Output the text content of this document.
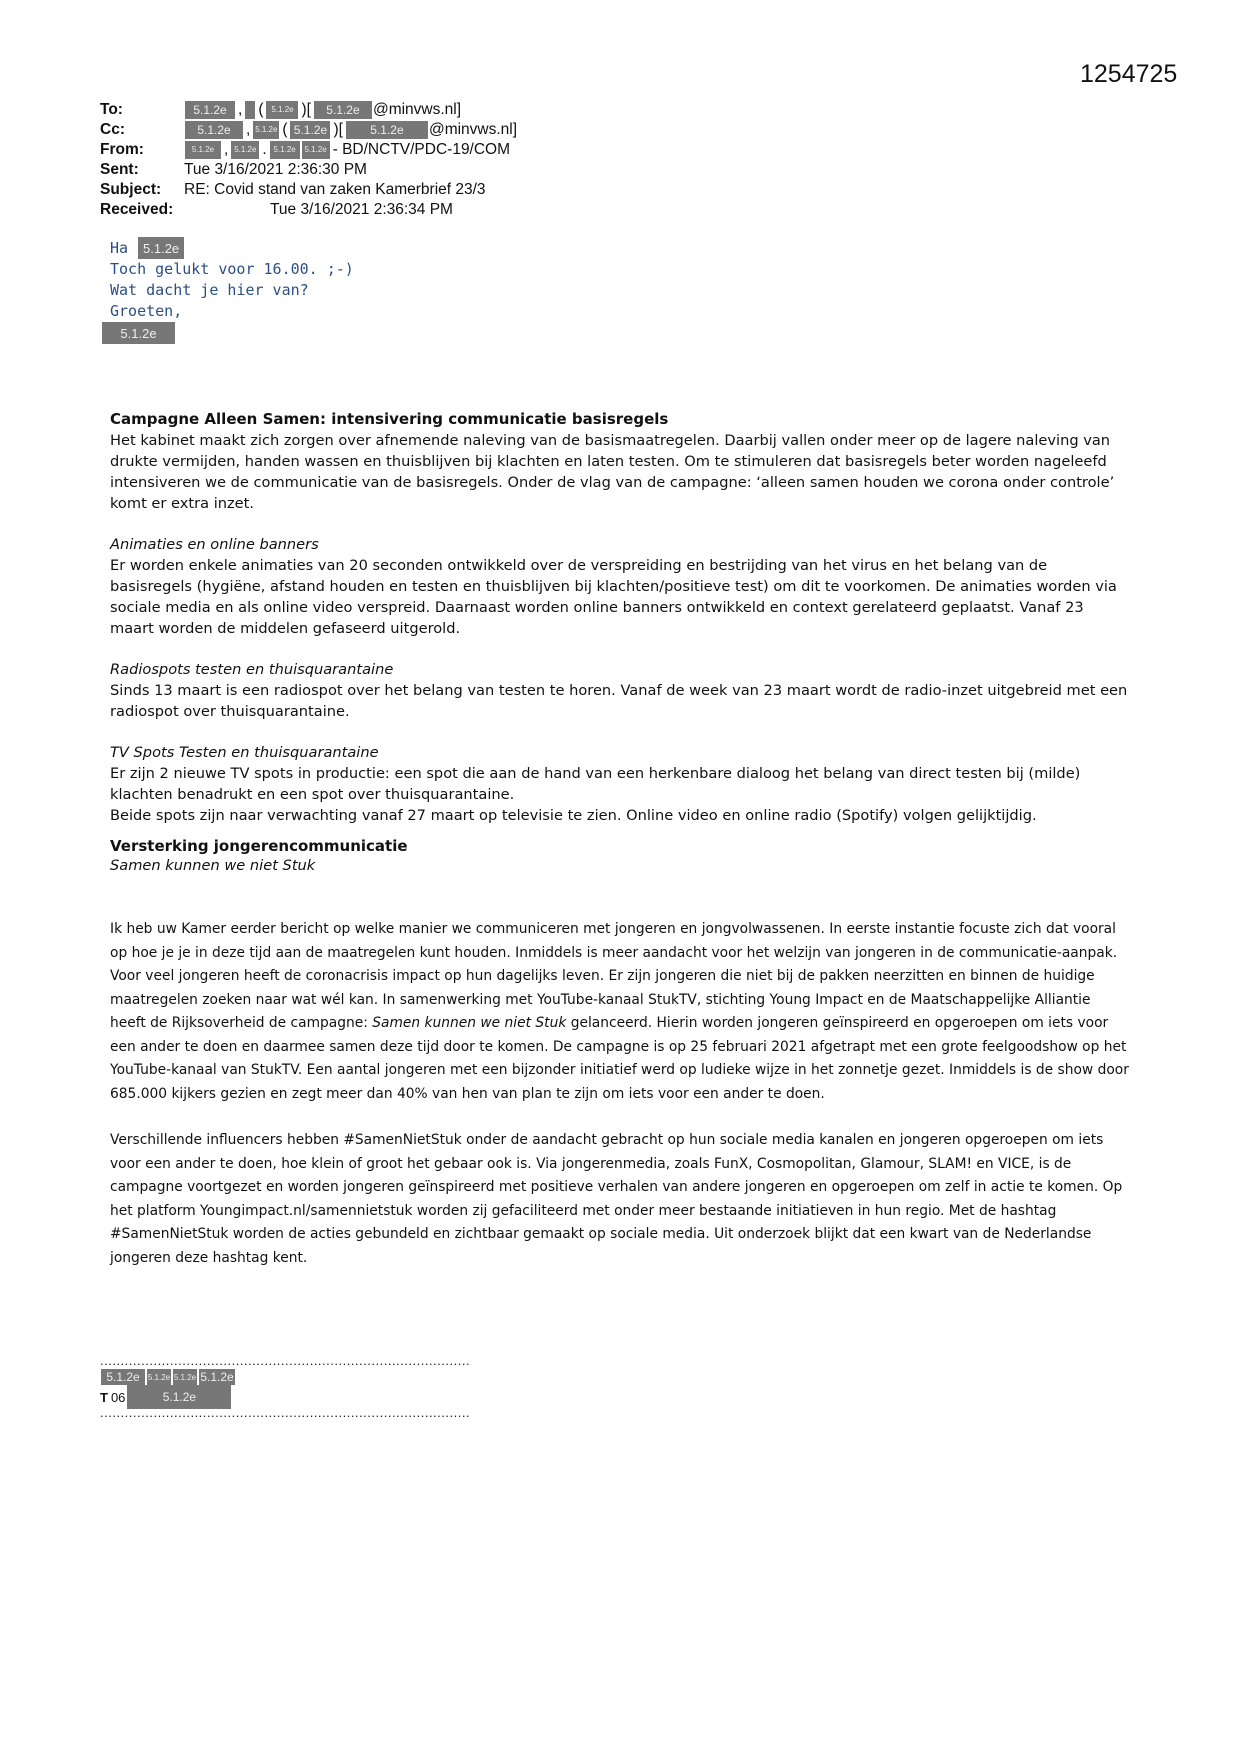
1254725
To:	5.1.2e , ( 5.1.2e )[	5.1.2e @minvws.nl]
Cc:	5.1.2e , 5.1.2e ( 5.1.2e )[	5.1.2e	@minvws.nl]
From:	5.1.2e , 5.1.2e . 5.1.2e	5.1.2e - BD/NCTV/PDC-19/COM
Sent:	Tue 3/16/2021 2:36:30 PM
Subject:	RE: Covid stand van zaken Kamerbrief 23/3
Received:	Tue 3/16/2021 2:36:34 PM
Ha
	5.1.2e
Toch gelukt voor 16.00. ;-)
Wat dacht je hier van?
Groeten,
5.1.2e
Campagne Alleen Samen: intensivering communicatie basisregels

Het kabinet maakt zich zorgen over afnemende naleving van de basismaatregelen. Daarbij vallen onder meer op de lagere naleving van drukte vermijden, handen wassen en thuisblijven bij klachten en laten testen. Om te stimuleren dat basisregels beter worden nageleefd intensiveren we de communicatie van de basisregels. Onder de vlag van de campagne: ‘alleen samen houden we corona onder controle’ komt er extra inzet.

Animaties en online banners

Er worden enkele animaties van 20 seconden ontwikkeld over de verspreiding en bestrijding van het virus en het belang van de basisregels (hygiëne, afstand houden en testen en thuisblijven bij klachten/positieve test) om dit te voorkomen. De animaties worden via sociale media en als online video verspreid. Daarnaast worden online banners ontwikkeld en context gerelateerd geplaatst. Vanaf 23 maart worden de middelen gefaseerd uitgerold.

Radiospots testen en thuisquarantaine

Sinds 13 maart is een radiospot over het belang van testen te horen. Vanaf de week van 23 maart wordt de radio-inzet uitgebreid met een radiospot over thuisquarantaine.

TV Spots Testen en thuisquarantaine

Er zijn 2 nieuwe TV spots in productie: een spot die aan de hand van een herkenbare dialoog het belang van direct testen bij (milde) klachten benadrukt en een spot over thuisquarantaine.

Beide spots zijn naar verwachting vanaf 27 maart op televisie te zien. Online video en online radio (Spotify) volgen gelijktijdig.

Versterking jongerencommunicatie

Samen kunnen we niet Stuk

Ik heb uw Kamer eerder bericht op welke manier we communiceren met jongeren en jongvolwassenen. In eerste instantie focuste zich dat vooral op hoe je je in deze tijd aan de maatregelen kunt houden. Inmiddels is meer aandacht voor het welzijn van jongeren in de communicatie-aanpak. Voor veel jongeren heeft de coronacrisis impact op hun dagelijks leven. Er zijn jongeren die niet bij de pakken neerzitten en binnen de huidige maatregelen zoeken naar wat wél kan. In samenwerking met YouTube-kanaal StukTV, stichting Young Impact en de Maatschappelijke Alliantie heeft de Rijksoverheid de campagne: Samen kunnen we niet Stuk gelanceerd. Hierin worden jongeren geïnspireerd en opgeroepen om iets voor een ander te doen en daarmee samen deze tijd door te komen. De campagne is op 25 februari 2021 afgetrapt met een grote feelgoodshow op het YouTube-kanaal van StukTV. Een aantal jongeren met een bijzonder initiatief werd op ludieke wijze in het zonnetje gezet. Inmiddels is de show door 685.000 kijkers gezien en zegt meer dan 40% van hen van plan te zijn om iets voor een ander te doen.

Verschillende influencers hebben #SamenNietStuk onder de aandacht gebracht op hun sociale media kanalen en jongeren opgeroepen om iets voor een ander te doen, hoe klein of groot het gebaar ook is. Via jongerenmedia, zoals FunX, Cosmopolitan, Glamour, SLAM! en VICE, is de campagne voortgezet en worden jongeren geïnspireerd met positieve verhalen van andere jongeren en opgeroepen om zelf in actie te komen. Op het platform Youngimpact.nl/samennietstuk worden zij gefaciliteerd met onder meer bestaande initiatieven in hun regio. Met de hashtag #SamenNietStuk worden de acties gebundeld en zichtbaar gemaakt op sociale media. Uit onderzoek blijkt dat een kwart van de Nederlandse jongeren deze hashtag kent.

..........................................................................................
5.1.2e	5.1.2e 5.1.2e 5.1.2e
T 06	5.1.2e
..........................................................................................
